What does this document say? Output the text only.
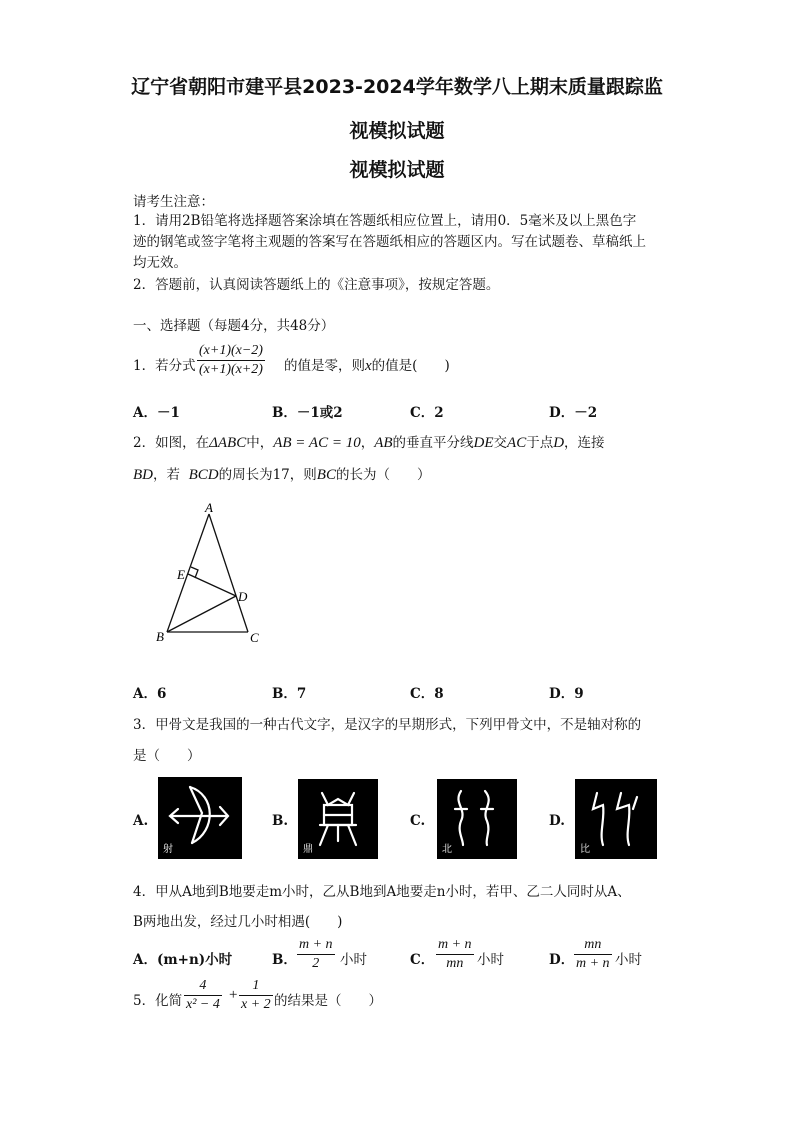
辽宁省朝阳市建平县2023-2024学年数学八上期末质量跟踪监
视模拟试题
视模拟试题
请考生注意：
1．请用2B铅笔将选择题答案涂填在答题纸相应位置上，请用0．5毫米及以上黑色字
迹的钢笔或签字笔将主观题的答案写在答题纸相应的答题区内。写在试题卷、草稿纸上
均无效。
2．答题前，认真阅读答题纸上的《注意事项》，按规定答题。
一、选择题（每题4分，共48分）
1．若分式 $\frac{(x+1)(x-2)}{(x+1)(x+2)}$ 的值是零，则x的值是(　　)
A．－1	B．－1或2	C．2	D．－2
2．如图，在ΔABC中，AB = AC = 10，AB的垂直平分线DE交AC于点D，连接
BD，若 BCD的周长为17，则BC的长为（　　）
A
B	C
D
E
A．6	B．7	C．8	D．9
3．甲骨文是我国的一种古代文字，是汉字的早期形式，下列甲骨文中，不是轴对称的
是（　　）
A.
射
B.
鼎
C.
北
D.
比
4．甲从A地到B地要走m小时，乙从B地到A地要走n小时，若甲、乙二人同时从A、
B两地出发，经过几小时相遇(　　)
A．(m+n)小时	B． $\frac{m + n}{2}$ 小时	C． $\frac{m + n}{mn}$ 小时	D． $\frac{mn}{m + n}$ 小时
5．化简 $\frac{4}{\text{x² − 4}} + \frac{1}{x + 2}$ 的结果是（　　）
